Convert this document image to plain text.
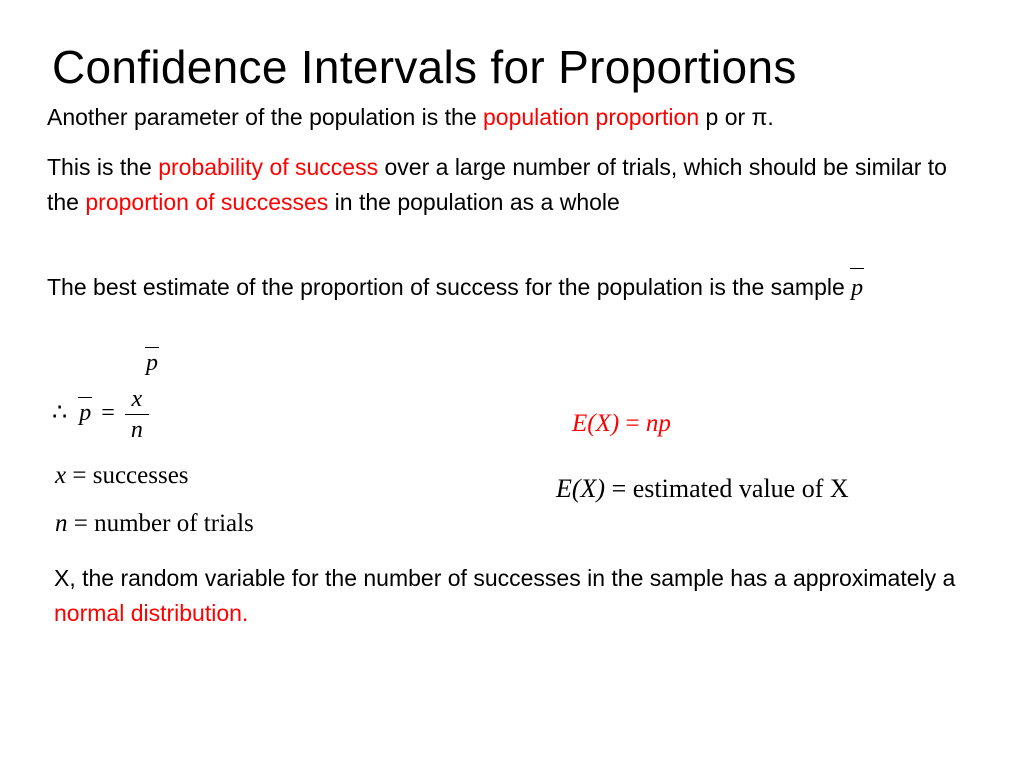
Confidence Intervals for Proportions
Another parameter of the population is the population proportion p or π.
This is the probability of success over a large number of trials, which should be similar to the proportion of successes in the population as a whole
The best estimate of the proportion of success for the population is the sample p
p
∴ $p = \frac{x}{n}$
x = successes
n = number of trials
E(X) = np
E(X) = estimated value of X
X, the random variable for the number of successes in the sample has a approximately a normal distribution.
